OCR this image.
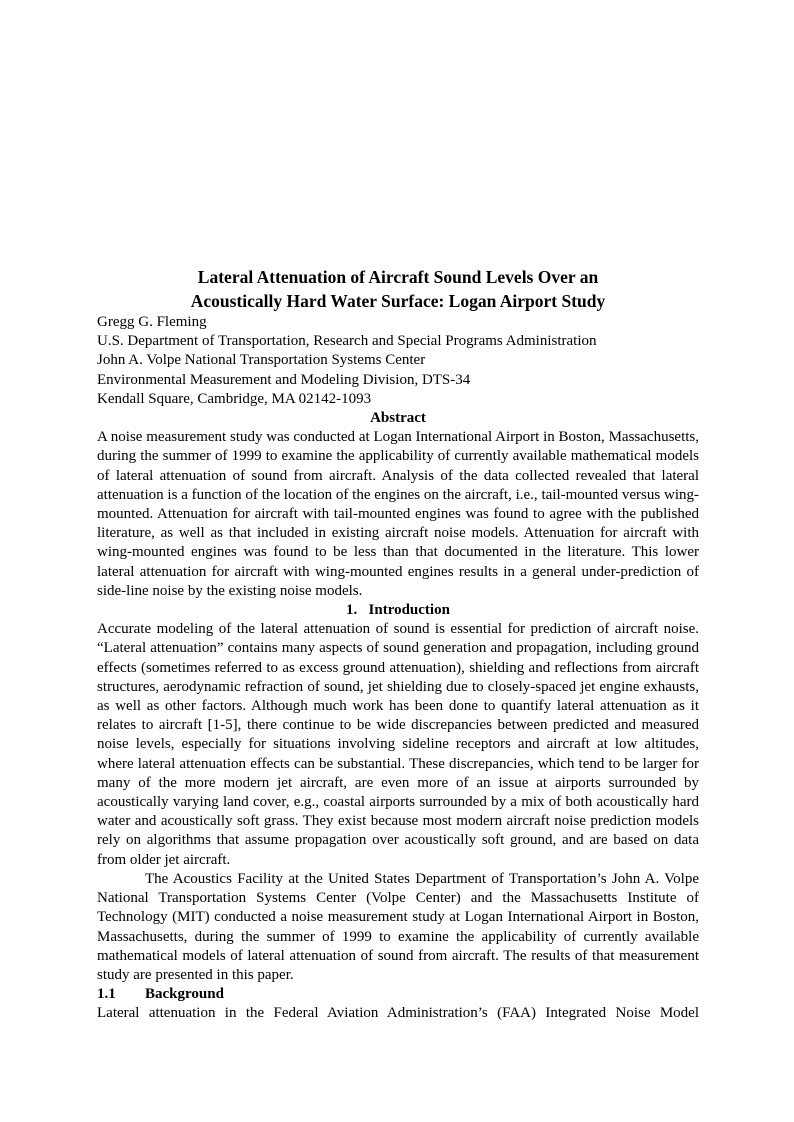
Lateral Attenuation of Aircraft Sound Levels Over an
Acoustically Hard Water Surface: Logan Airport Study
Gregg G. Fleming
U.S. Department of Transportation, Research and Special Programs Administration
John A. Volpe National Transportation Systems Center
Environmental Measurement and Modeling Division, DTS-34
Kendall Square, Cambridge, MA 02142-1093
Abstract

A noise measurement study was conducted at Logan International Airport in Boston, Massachusetts, during the summer of 1999 to examine the applicability of currently available mathematical models of lateral attenuation of sound from aircraft. Analysis of the data collected revealed that lateral attenuation is a function of the location of the engines on the aircraft, i.e., tail-mounted versus wing-mounted. Attenuation for aircraft with tail-mounted engines was found to agree with the published literature, as well as that included in existing aircraft noise models. Attenuation for aircraft with wing-mounted engines was found to be less than that documented in the literature. This lower lateral attenuation for aircraft with wing-mounted engines results in a general under-prediction of side-line noise by the existing noise models.

1.   Introduction

Accurate modeling of the lateral attenuation of sound is essential for prediction of aircraft noise. “Lateral attenuation” contains many aspects of sound generation and propagation, including ground effects (sometimes referred to as excess ground attenuation), shielding and reflections from aircraft structures, aerodynamic refraction of sound, jet shielding due to closely-spaced jet engine exhausts, as well as other factors. Although much work has been done to quantify lateral attenuation as it relates to aircraft [1-5], there continue to be wide discrepancies between predicted and measured noise levels, especially for situations involving sideline receptors and aircraft at low altitudes, where lateral attenuation effects can be substantial. These discrepancies, which tend to be larger for many of the more modern jet aircraft, are even more of an issue at airports surrounded by acoustically varying land cover, e.g., coastal airports surrounded by a mix of both acoustically hard water and acoustically soft grass. They exist because most modern aircraft noise prediction models rely on algorithms that assume propagation over acoustically soft ground, and are based on data from older jet aircraft.

The Acoustics Facility at the United States Department of Transportation’s John A. Volpe National Transportation Systems Center (Volpe Center) and the Massachusetts Institute of Technology (MIT) conducted a noise measurement study at Logan International Airport in Boston, Massachusetts, during the summer of 1999 to examine the applicability of currently available mathematical models of lateral attenuation of sound from aircraft. The results of that measurement study are presented in this paper.

1.1 Background

Lateral attenuation in the Federal Aviation Administration’s (FAA) Integrated Noise Model
